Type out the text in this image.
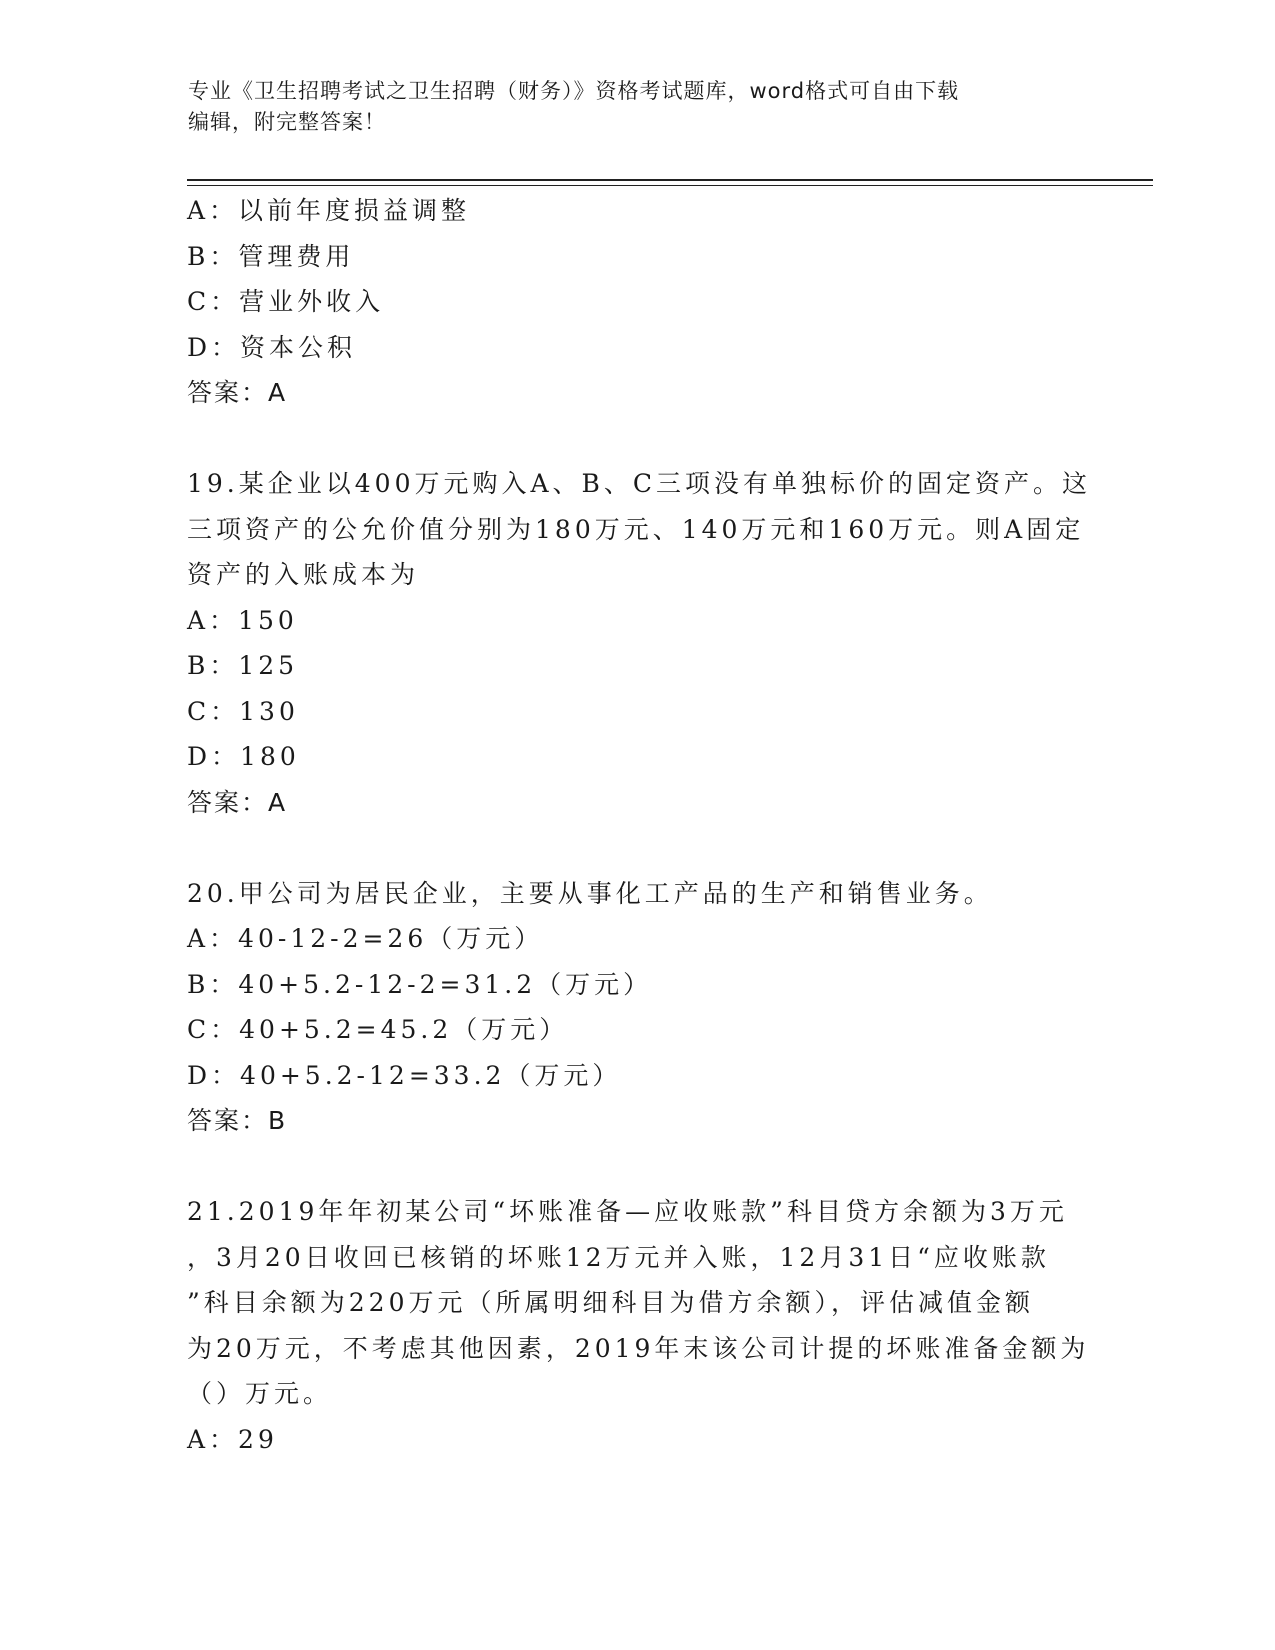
专业《卫生招聘考试之卫生招聘（财务）》资格考试题库，word格式可自由下载
编辑，附完整答案！
A：以前年度损益调整
B：管理费用
C：营业外收入
D：资本公积
答案：A
19.某企业以400万元购入A、B、C三项没有单独标价的固定资产。这
三项资产的公允价值分别为180万元、140万元和160万元。则A固定
资产的入账成本为
A：150
B：125
C：130
D：180
答案：A
20.甲公司为居民企业，主要从事化工产品的生产和销售业务。
A：40-12-2=26（万元）
B：40+5.2-12-2=31.2（万元）
C：40+5.2=45.2（万元）
D：40+5.2-12=33.2（万元）
答案：B
21.2019年年初某公司“坏账准备—应收账款”科目贷方余额为3万元
，3月20日收回已核销的坏账12万元并入账，12月31日“应收账款
”科目余额为220万元（所属明细科目为借方余额），评估减值金额
为20万元，不考虑其他因素，2019年末该公司计提的坏账准备金额为
（）万元。
A：29
